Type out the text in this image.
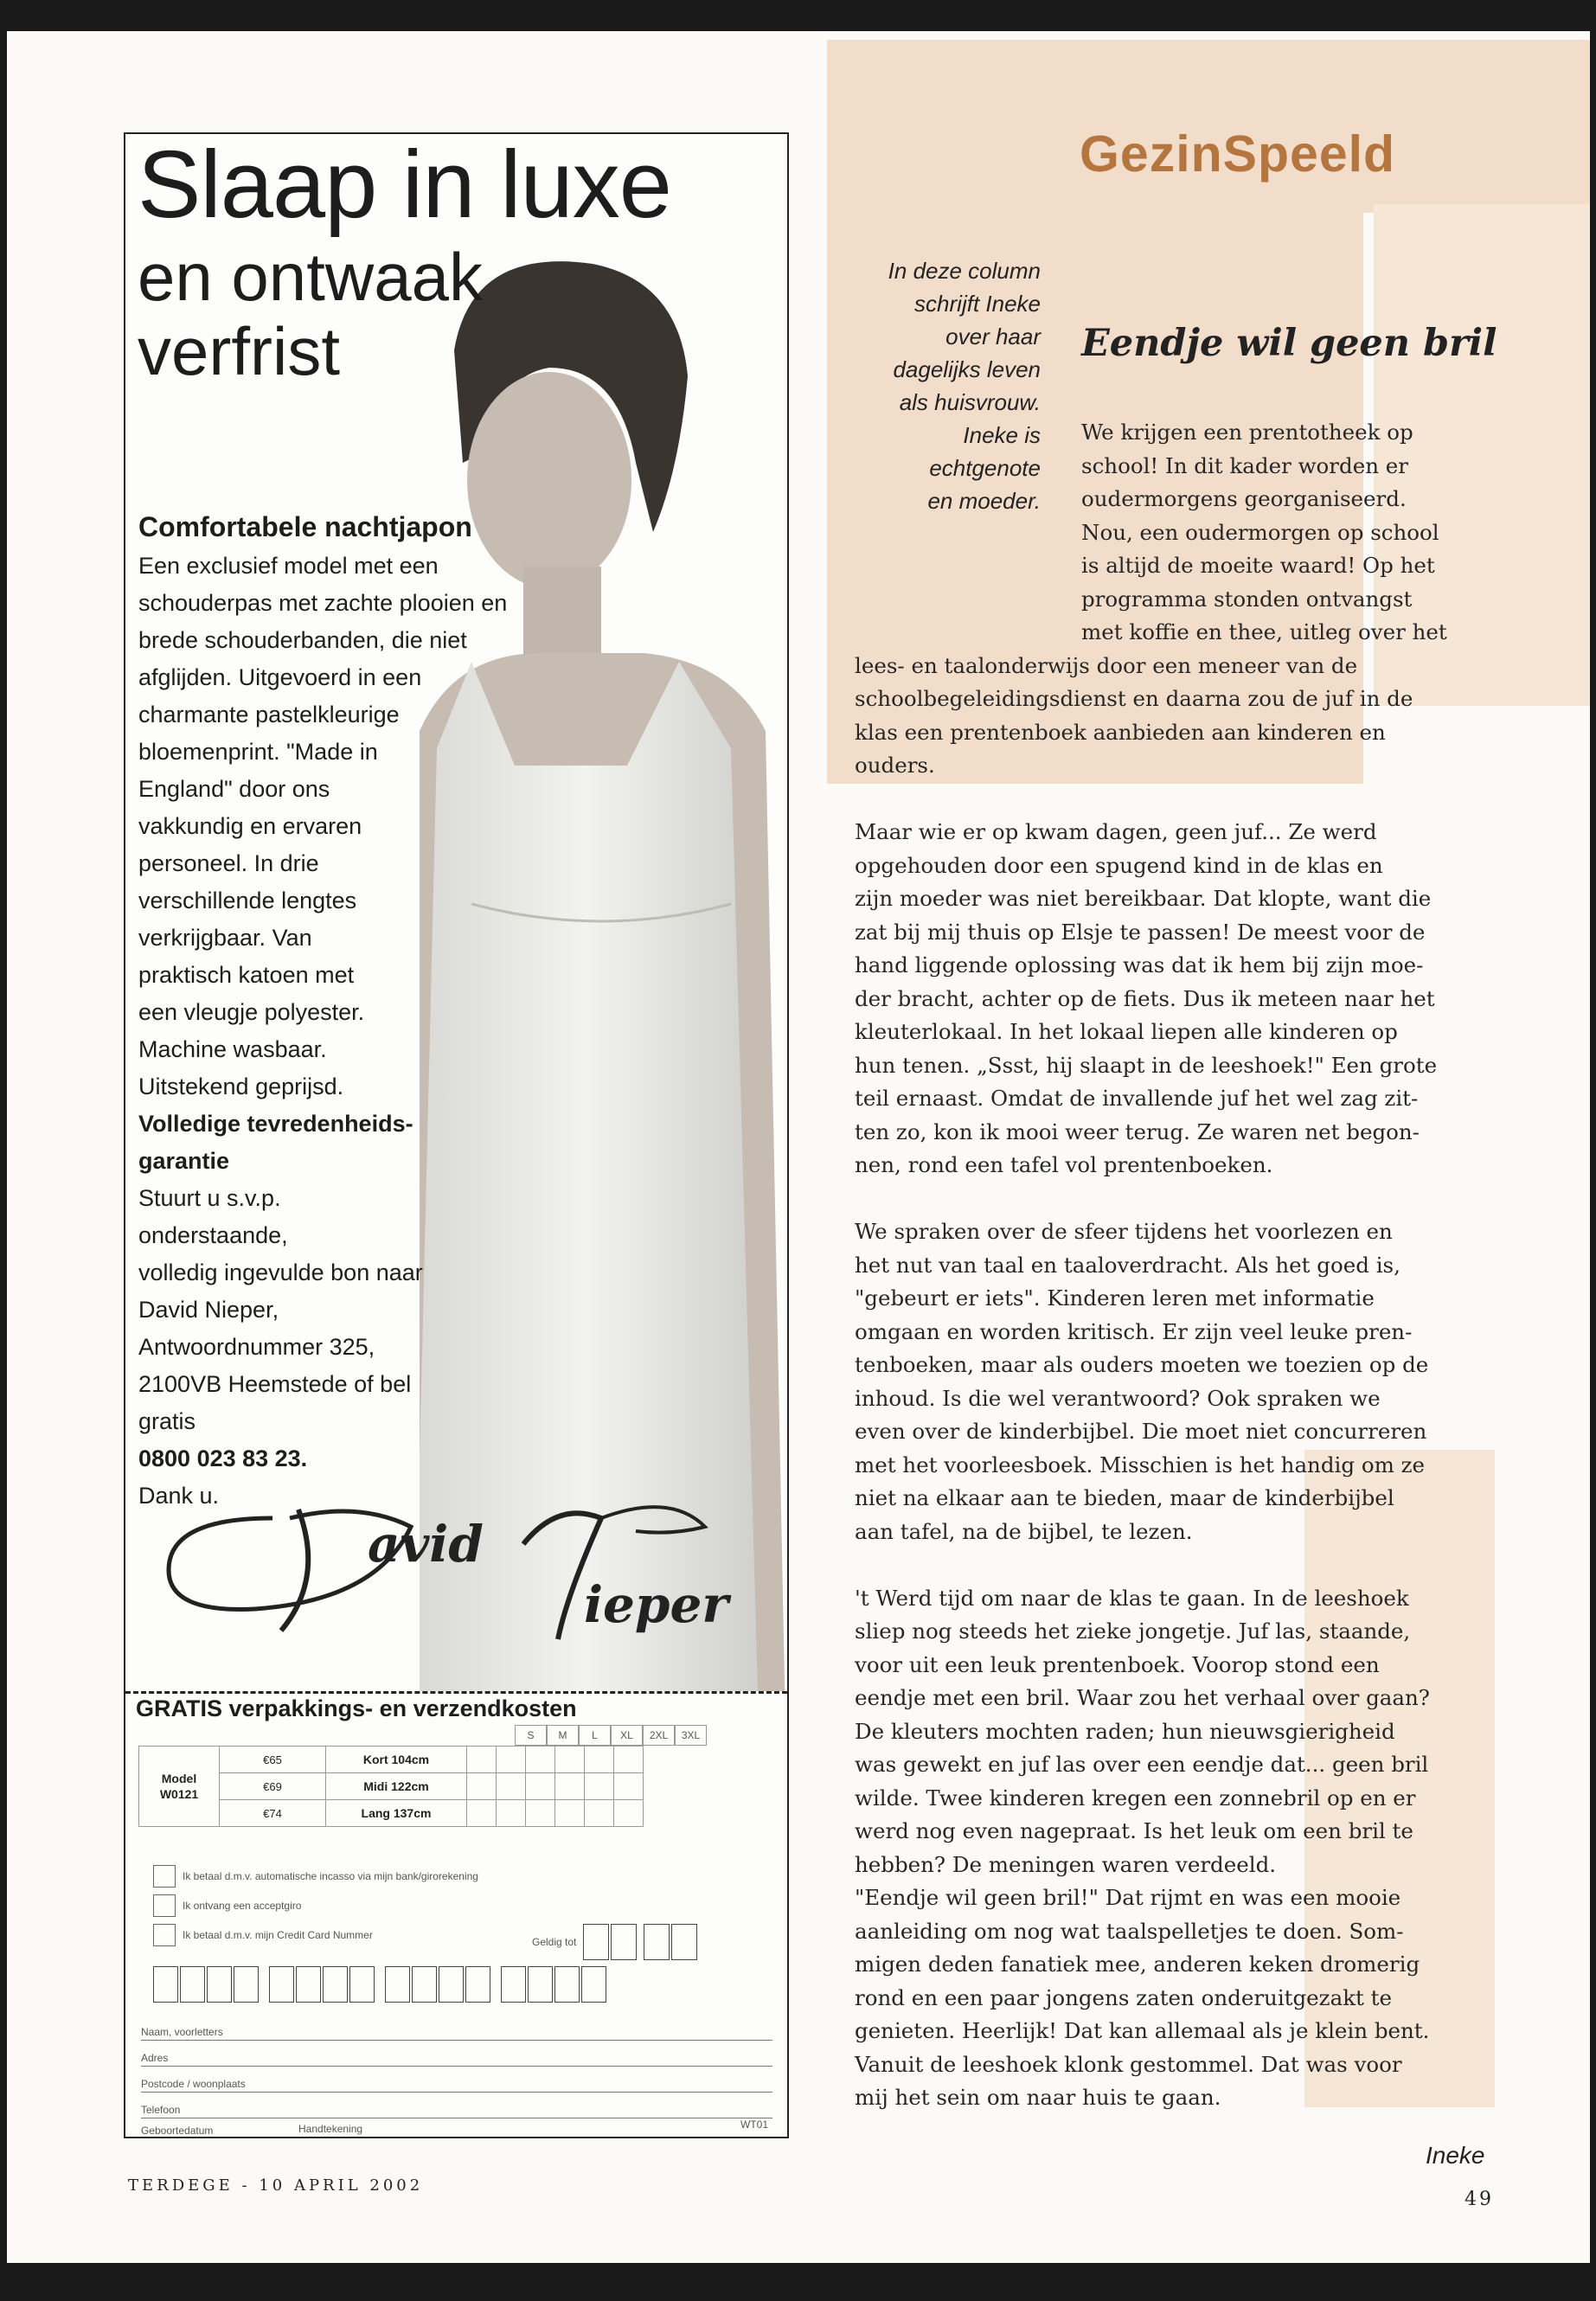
Slaap in luxe
en ontwaak
verfrist
Comfortabele nachtjapon
Een exclusief model met een
schouderpas met zachte plooien en
brede schouderbanden, die niet
afglijden. Uitgevoerd in een
charmante pastelkleurige
bloemenprint. "Made in
England" door ons
vakkundig en ervaren
personeel. In drie
verschillende lengtes
verkrijgbaar. Van
praktisch katoen met
een vleugje polyester.
Machine wasbaar.
Uitstekend geprijsd.
Volledige tevredenheids-
garantie
Stuurt u s.v.p.
onderstaande,
volledig ingevulde bon naar
David Nieper,
Antwoordnummer 325,
2100VB Heemstede of bel
gratis
0800 023 83 23.
Dank u.
avid
ieper
GRATIS verpakkings- en verzendkosten
S	M	L	XL	2XL	3XL
Model
W0121	€65	Kort 104cm						
	€69	Midi 122cm						
	€74	Lang 137cm						
Ik betaal d.m.v. automatische incasso via mijn bank/girorekening
Ik ontvang een acceptgiro
Ik betaal d.m.v. mijn Credit Card Nummer
Geldig tot
Naam, voorletters
Adres
Postcode / woonplaats
Telefoon
Geboortedatum	Handtekening	WT01
GezinSpeeld
In deze column
schrijft Ineke
over haar
dagelijks leven
als huisvrouw.
Ineke is
echtgenote
en moeder.
Eendje wil geen bril
We krijgen een prentotheek op
school! In dit kader worden er
oudermorgens georganiseerd.
Nou, een oudermorgen op school
is altijd de moeite waard! Op het
programma stonden ontvangst
met koffie en thee, uitleg over het
lees- en taalonderwijs door een meneer van de
schoolbegeleidingsdienst en daarna zou de juf in de
klas een prentenboek aanbieden aan kinderen en
ouders.

Maar wie er op kwam dagen, geen juf... Ze werd
opgehouden door een spugend kind in de klas en
zijn moeder was niet bereikbaar. Dat klopte, want die
zat bij mij thuis op Elsje te passen! De meest voor de
hand liggende oplossing was dat ik hem bij zijn moe-
der bracht, achter op de fiets. Dus ik meteen naar het
kleuterlokaal. In het lokaal liepen alle kinderen op
hun tenen. „Ssst, hij slaapt in de leeshoek!" Een grote
teil ernaast. Omdat de invallende juf het wel zag zit-
ten zo, kon ik mooi weer terug. Ze waren net begon-
nen, rond een tafel vol prentenboeken.

We spraken over de sfeer tijdens het voorlezen en
het nut van taal en taaloverdracht. Als het goed is,
"gebeurt er iets". Kinderen leren met informatie
omgaan en worden kritisch. Er zijn veel leuke pren-
tenboeken, maar als ouders moeten we toezien op de
inhoud. Is die wel verantwoord? Ook spraken we
even over de kinderbijbel. Die moet niet concurreren
met het voorleesboek. Misschien is het handig om ze
niet na elkaar aan te bieden, maar de kinderbijbel
aan tafel, na de bijbel, te lezen.

't Werd tijd om naar de klas te gaan. In de leeshoek
sliep nog steeds het zieke jongetje. Juf las, staande,
voor uit een leuk prentenboek. Voorop stond een
eendje met een bril. Waar zou het verhaal over gaan?
De kleuters mochten raden; hun nieuwsgierigheid
was gewekt en juf las over een eendje dat... geen bril
wilde. Twee kinderen kregen een zonnebril op en er
werd nog even nagepraat. Is het leuk om een bril te
hebben? De meningen waren verdeeld.
"Eendje wil geen bril!" Dat rijmt en was een mooie
aanleiding om nog wat taalspelletjes te doen. Som-
migen deden fanatiek mee, anderen keken dromerig
rond en een paar jongens zaten onderuitgezakt te
genieten. Heerlijk! Dat kan allemaal als je klein bent.
Vanuit de leeshoek klonk gestommel. Dat was voor
mij het sein om naar huis te gaan.
Ineke
TERDEGE - 10 APRIL 2002
49
